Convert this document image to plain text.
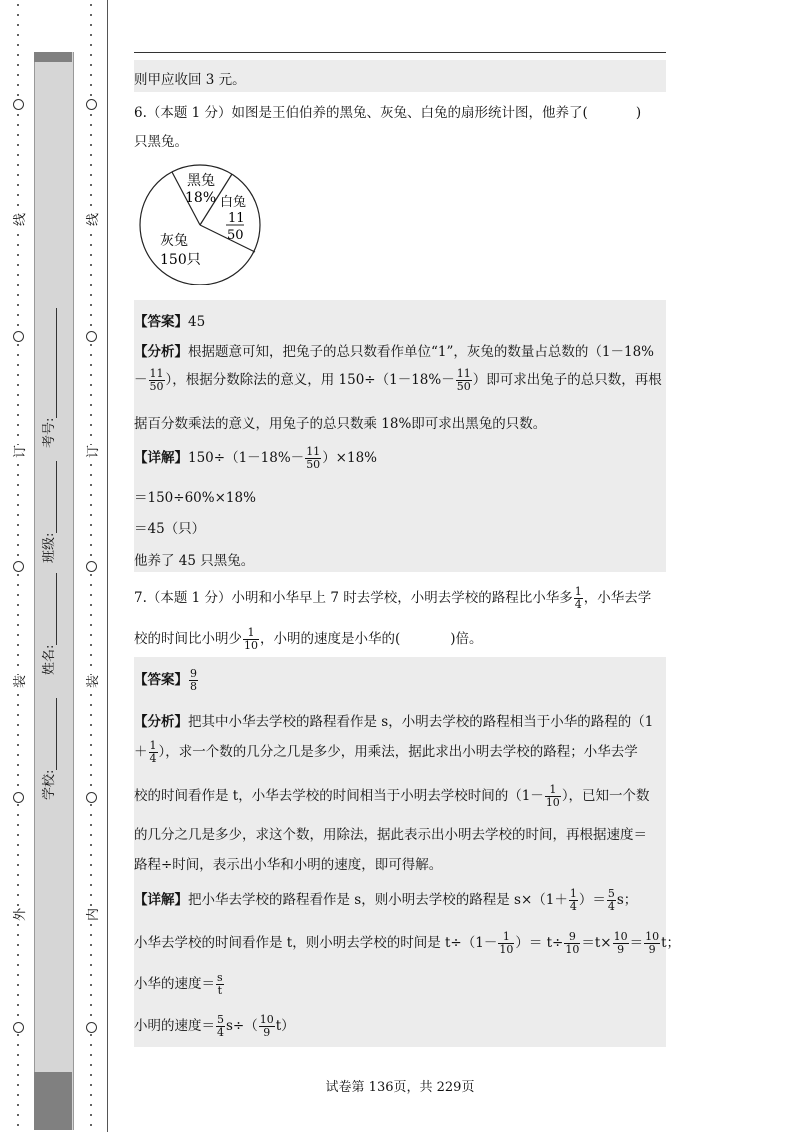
线
订
装
外
线
订
装
内
学校:
姓名:
班级:
考号:
则甲应收回 3 元。
6.（本题 1 分）如图是王伯伯养的黑兔、灰兔、白兔的扇形统计图，他养了(	)
只黑兔。
黑兔
18% 白兔
11
50
灰兔
150只
【答案】45
【分析】根据题意可知，把兔子的总只数看作单位“1”，灰兔的数量占总数的（1－18%
－ $\frac{11}{50}$ ），根据分数除法的意义，用 $150\div(1-18\%- \frac{11}{50}$ ）即可求出兔子的总只数，再根
据百分数乘法的意义，用兔子的总只数乘 18%即可求出黑兔的只数。
【详解】$150\div(1-18\%- \frac{11}{50} )\times 18\%$
＝150÷60%×18%
＝45（只）
他养了 45 只黑兔。
7.（本题 1 分）小明和小华早上 7 时去学校，小明去学校的路程比小华多 $\frac{1}{4}$ ，小华去学
校的时间比小明少 $\frac{1}{10}$ ，小明的速度是小华的(	)倍。
【答案】 $\frac{9}{8}$
【分析】把其中小华去学校的路程看作是 s，小明去学校的路程相当于小华的路程的（1
＋ $\frac{1}{4}$ ），求一个数的几分之几是多少，用乘法，据此求出小明去学校的路程；小华去学
校的时间看作是 t，小华去学校的时间相当于小明去学校时间的（$1- \frac{1}{10}$ ），已知一个数
的几分之几是多少，求这个数，用除法，据此表示出小明去学校的时间，再根据速度＝
路程÷时间，表示出小华和小明的速度，即可得解。
【详解】把小华去学校的路程看作是 s，则小明去学校的路程是 $s\times(1+ \frac{1}{4}$ ）＝ $\frac{5}{4}$ s；
小华去学校的时间看作是 t，则小明去学校的时间是 $t\div(1- \frac{1}{10}$ ）＝ $t\div \frac{9}{10} =t\times \frac{10}{9} = \frac{10}{9}$ t；
小华的速度＝ $\frac{s}{t}$
小明的速度＝ $\frac{5}{4} s\div( \frac{10}{9} t)$
试卷第 136页，共 229页
